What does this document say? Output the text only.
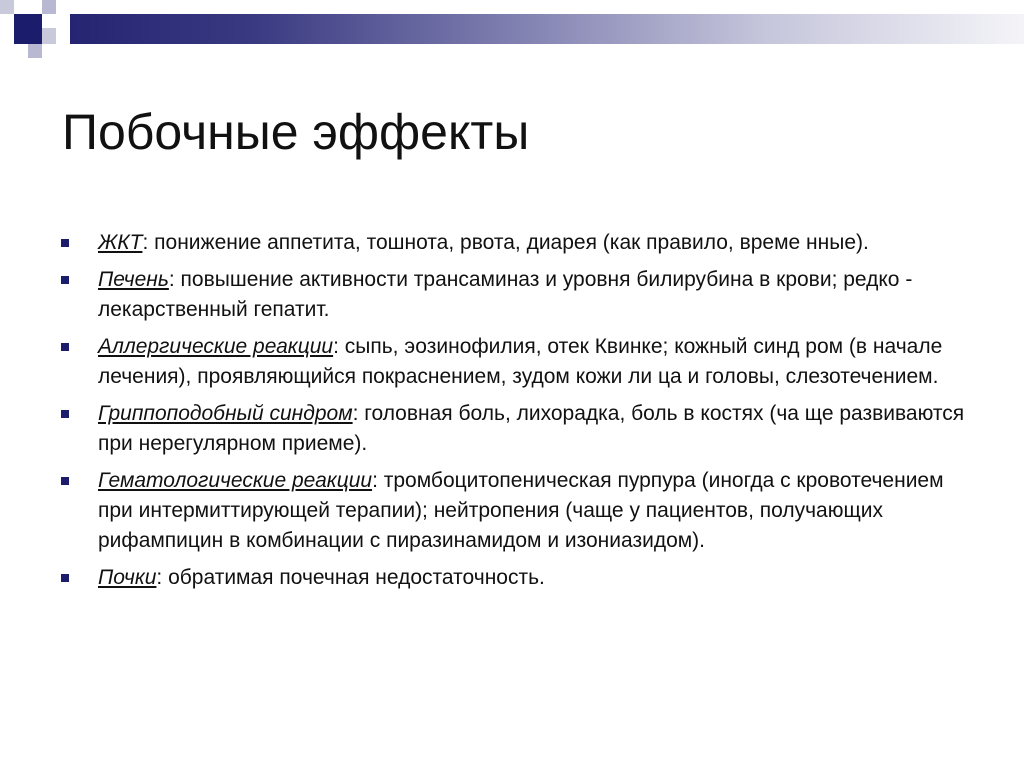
Побочные эффекты
ЖКТ: понижение аппетита, тошнота, рвота, диарея (как правило, време нные).
Печень: повышение активности трансаминаз и уровня билирубина в крови; редко - лекарственный гепатит.
Аллергические реакции: сыпь, эозинофилия, отек Квинке; кожный синд ром (в начале лечения), проявляющийся покраснением, зудом кожи ли ца и головы, слезотечением.
Гриппоподобный синдром: головная боль, лихорадка, боль в костях (ча ще развиваются при нерегулярном приеме).
Гематологические реакции: тромбоцитопеническая пурпура (иногда с кровотечением при интермиттирующей терапии); нейтропения (чаще у пациентов, получающих рифампицин в комбинации с пиразинамидом и изониазидом).
Почки: обратимая почечная недостаточность.
